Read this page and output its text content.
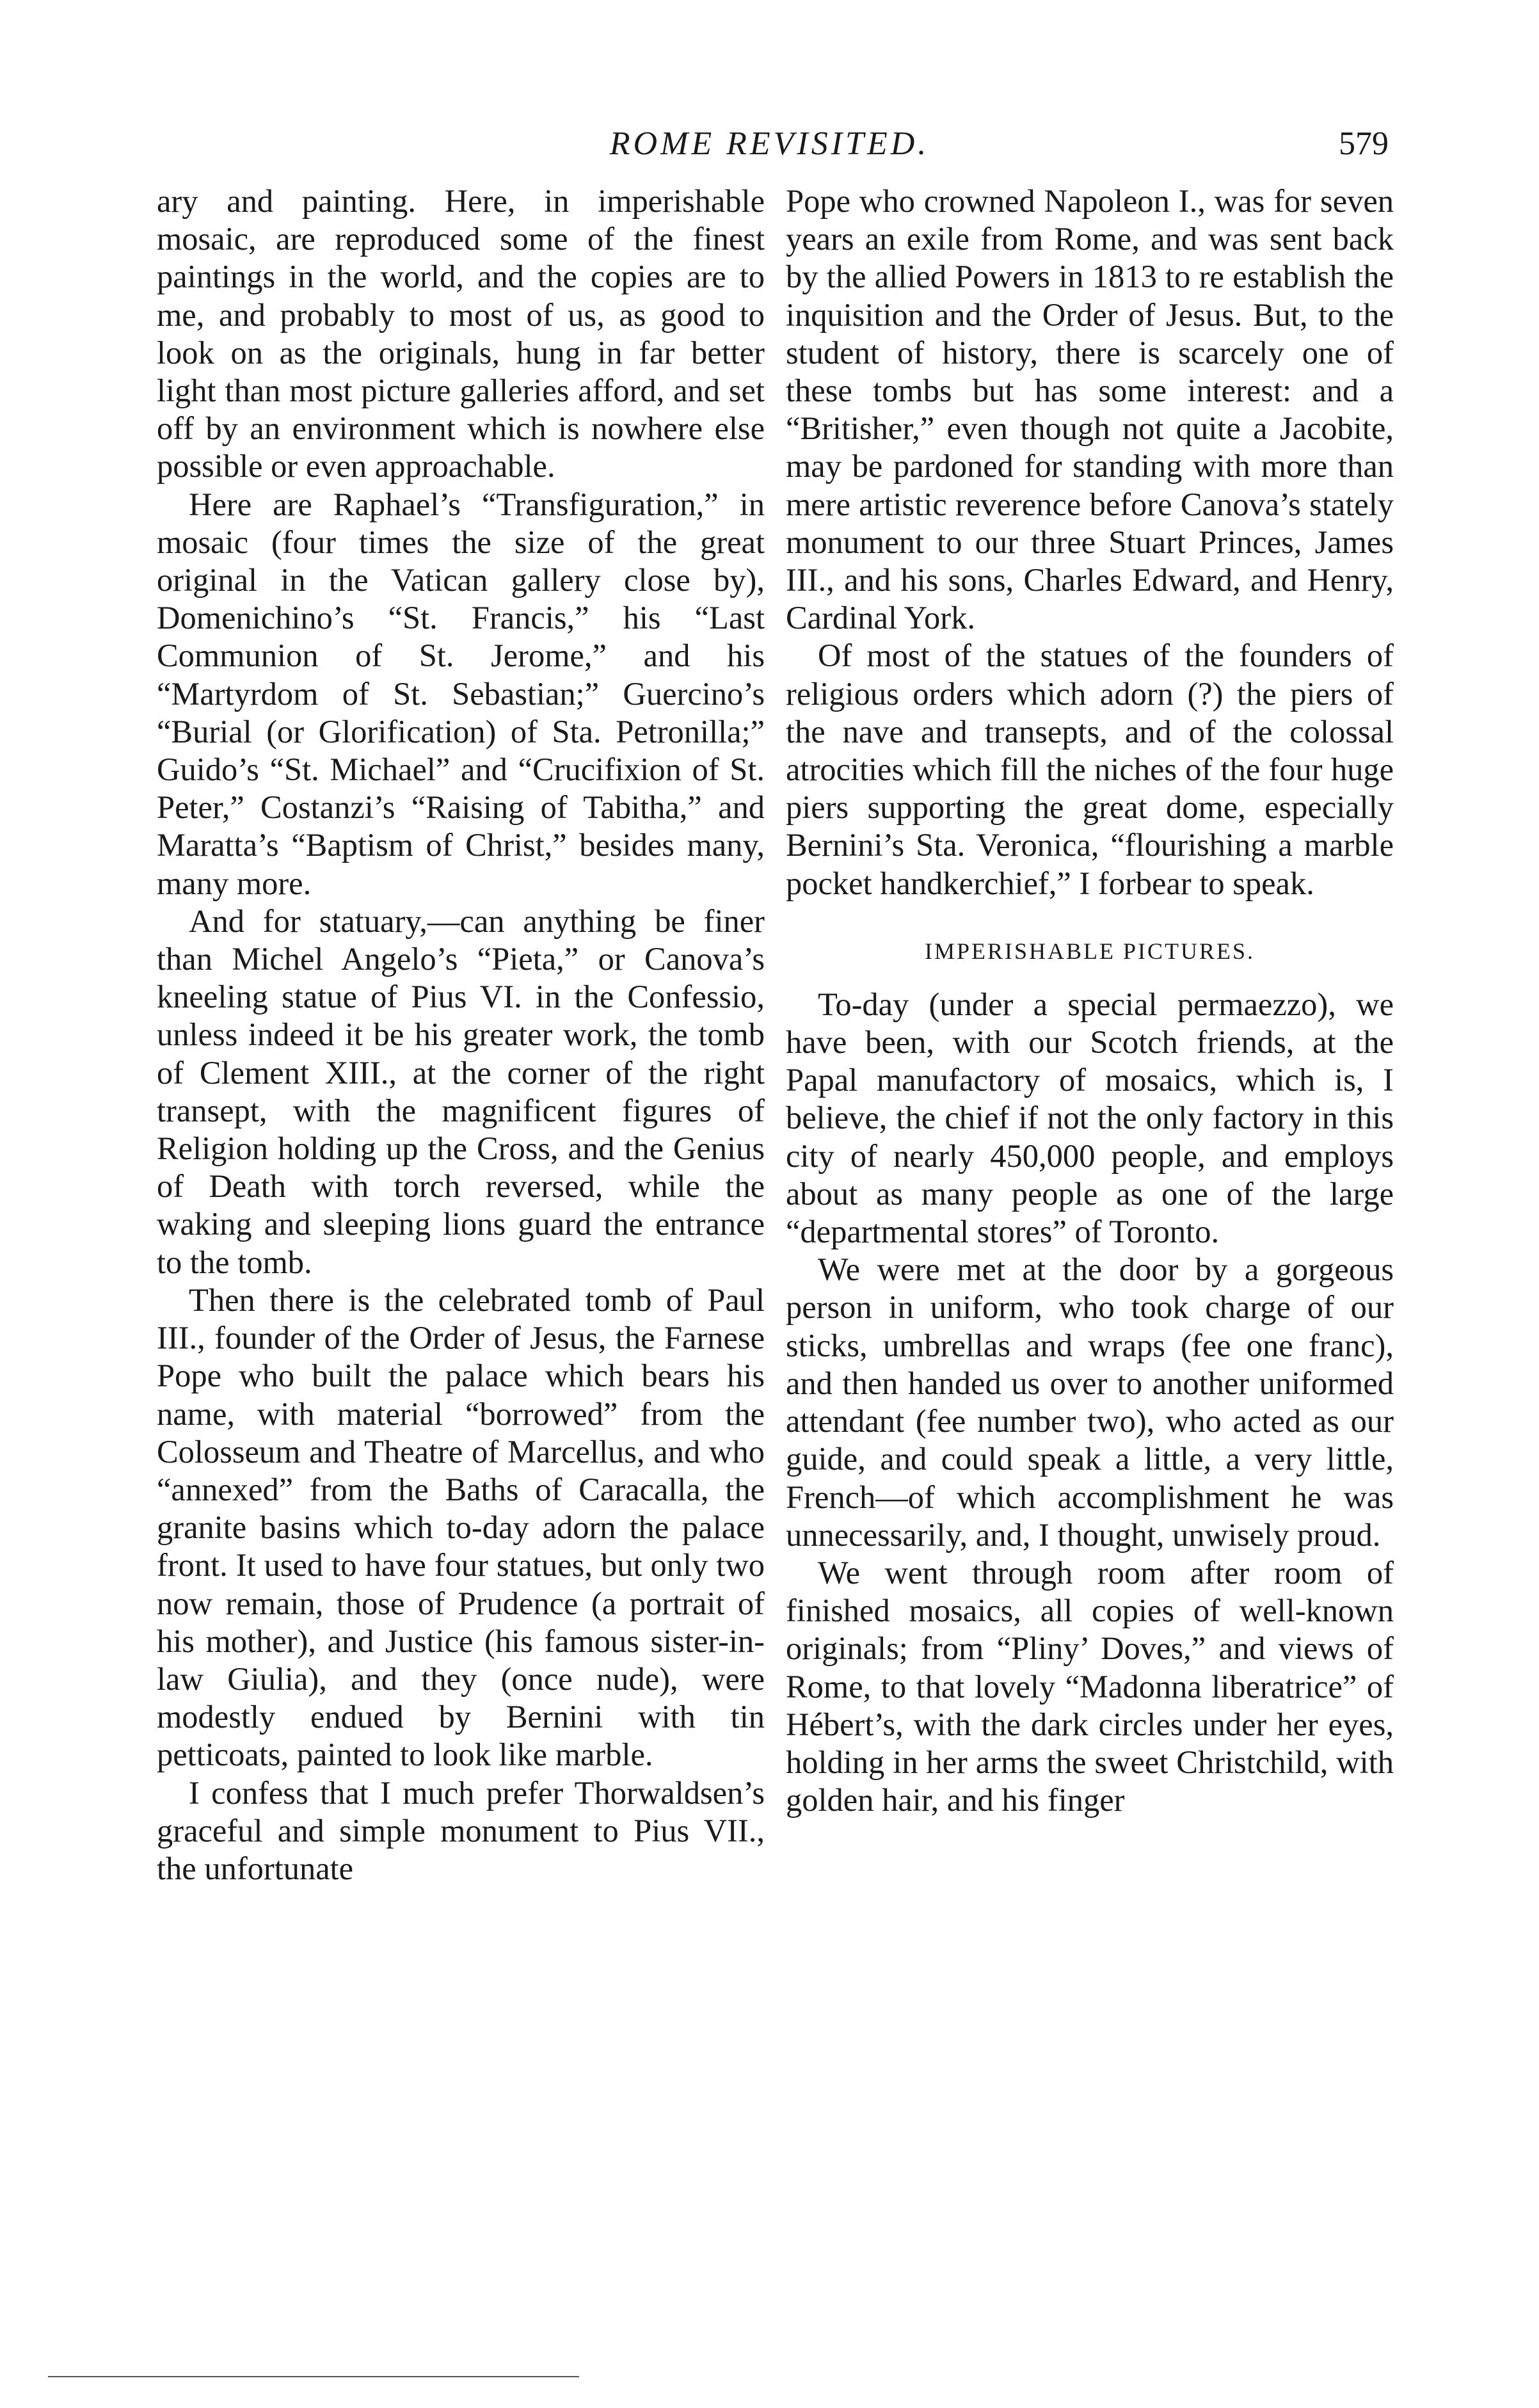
ROME REVISITED.	579

ary and painting. Here, in imperishable mosaic, are reproduced some of the finest paintings in the world, and the copies are to me, and probably to most of us, as good to look on as the originals, hung in far better light than most picture galleries afford, and set off by an environment which is nowhere else possible or even approachable.

Here are Raphael’s “Transfiguration,” in mosaic (four times the size of the great original in the Vatican gallery close by), Domenichino’s “St. Francis,” his “Last Communion of St. Jerome,” and his “Martyrdom of St. Sebastian;” Guercino’s “Burial (or Glorification) of Sta. Petronilla;” Guido’s “St. Michael” and “Crucifixion of St. Peter,” Costanzi’s “Raising of Tabitha,” and Maratta’s “Baptism of Christ,” besides many, many more.

And for statuary,—can anything be finer than Michel Angelo’s “Pieta,” or Canova’s kneeling statue of Pius VI. in the Confessio, unless indeed it be his greater work, the tomb of Clement XIII., at the corner of the right transept, with the magnificent figures of Religion holding up the Cross, and the Genius of Death with torch reversed, while the waking and sleeping lions guard the entrance to the tomb.

Then there is the celebrated tomb of Paul III., founder of the Order of Jesus, the Farnese Pope who built the palace which bears his name, with material “borrowed” from the Colosseum and Theatre of Marcellus, and who “annexed” from the Baths of Caracalla, the granite basins which to-day adorn the palace front. It used to have four statues, but only two now remain, those of Prudence (a portrait of his mother), and Justice (his famous sister-in-law Giulia), and they (once nude), were modestly endued by Bernini with tin petticoats, painted to look like marble.

I confess that I much prefer Thorwaldsen’s graceful and simple monument to Pius VII., the unfortunate

Pope who crowned Napoleon I., was for seven years an exile from Rome, and was sent back by the allied Powers in 1813 to re establish the inquisition and the Order of Jesus. But, to the student of history, there is scarcely one of these tombs but has some interest: and a “Britisher,” even though not quite a Jacobite, may be pardoned for standing with more than mere artistic reverence before Canova’s stately monument to our three Stuart Princes, James III., and his sons, Charles Edward, and Henry, Cardinal York.

Of most of the statues of the founders of religious orders which adorn (?) the piers of the nave and transepts, and of the colossal atrocities which fill the niches of the four huge piers supporting the great dome, especially Bernini’s Sta. Veronica, “flourishing a marble pocket handkerchief,” I forbear to speak.

IMPERISHABLE PICTURES.

To-day (under a special permaezzo), we have been, with our Scotch friends, at the Papal manufactory of mosaics, which is, I believe, the chief if not the only factory in this city of nearly 450,000 people, and employs about as many people as one of the large “departmental stores” of Toronto.

We were met at the door by a gorgeous person in uniform, who took charge of our sticks, umbrellas and wraps (fee one franc), and then handed us over to another uniformed attendant (fee number two), who acted as our guide, and could speak a little, a very little, French—of which accomplishment he was unnecessarily, and, I thought, unwisely proud.

We went through room after room of finished mosaics, all copies of well-known originals; from “Pliny’ Doves,” and views of Rome, to that lovely “Madonna liberatrice” of Hébert’s, with the dark circles under her eyes, holding in her arms the sweet Christchild, with golden hair, and his finger
